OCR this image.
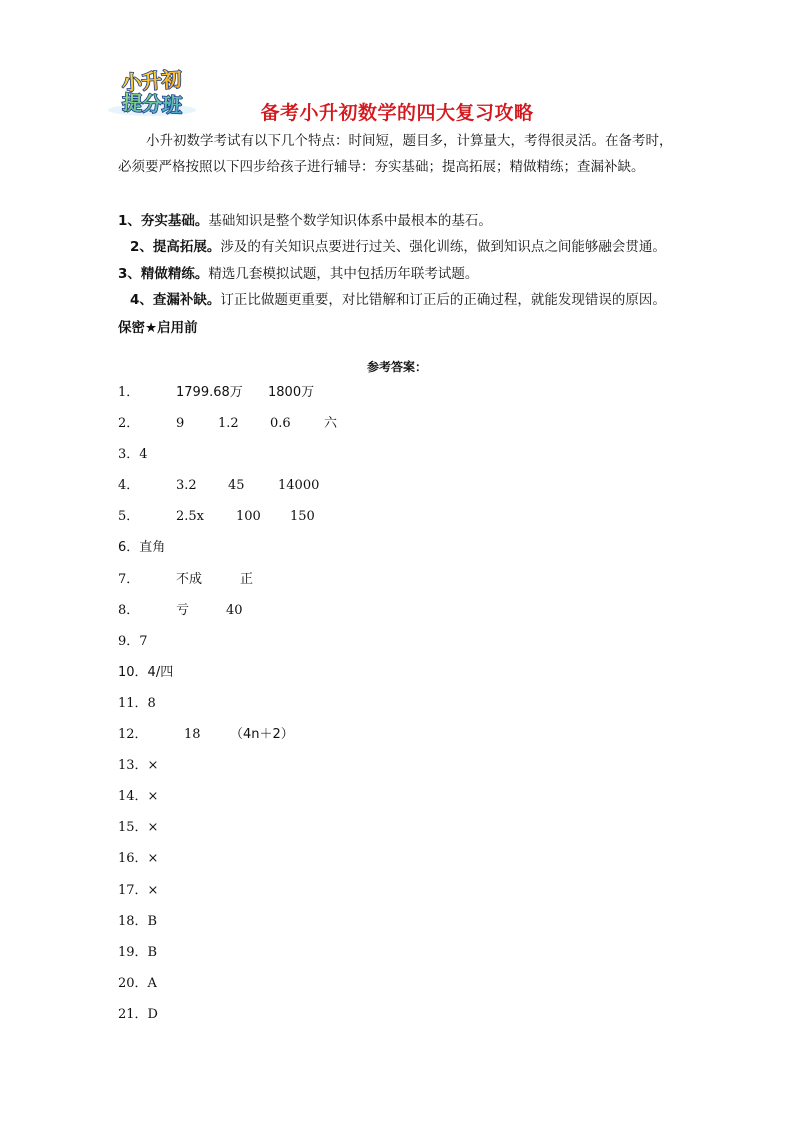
小升初
提分班	备考小升初数学的四大复习攻略
小升初数学考试有以下几个特点：时间短，题目多，计算量大，考得很灵活。在备考时，必须要严格按照以下四步给孩子进行辅导：夯实基础；提高拓展；精做精练；查漏补缺。
1、夯实基础。基础知识是整个数学知识体系中最根本的基石。
2、提高拓展。涉及的有关知识点要进行过关、强化训练，做到知识点之间能够融会贯通。
3、精做精练。精选几套模拟试题，其中包括历年联考试题。
4、查漏补缺。订正比做题更重要，对比错解和订正后的正确过程，就能发现错误的原因。
保密★启用前
参考答案：
1．	1799.68万 1800万
2．	9	1.2 0.6	六
3．4
4．	3.2 45	14000
5．	2.5x 100 150
6．直角
7．	不成	正
8．	亏	40
9．7
10．4/四
11．8
12．	18 （4n＋2）
13．×
14．×
15．×
16．×
17．×
18．B
19．B
20．A
21．D
